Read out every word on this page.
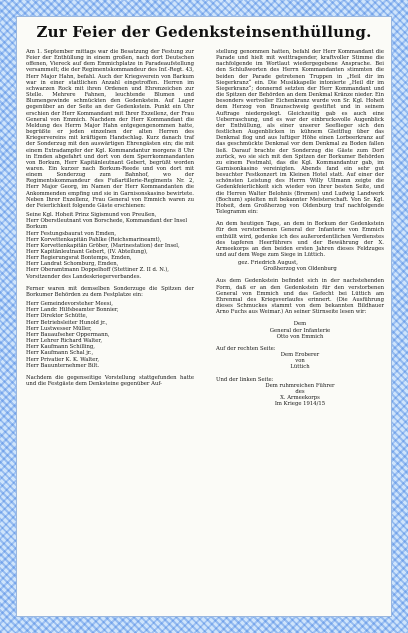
Zur Feier der Gedenksteinsenthüllung.

Am 1. September mittags war die Besatzung der Festung zur Feier der Enthüllung in einem großen, nach dort Deutschen offenen, Viereck auf dem Emmichplatze in Paradeaufstellung versammelt; die der Regimentskommandeur des Inf.-Regt. 43, Herr Major Hahn, befahl. Auch der Kriegsverein von Barkum war in einer stattlichen Anzahl eingetroffen. Herren im schwarzen Rock mit ihren Ordenen und Ehrenzeichen zur Stelle. Mehrere Fahnen, leuchtende Blumen und Blumengewinde schmückten den Gedenkstein. Auf Lager gegenüber an der Seite an der Gedenkstein. Punkt ein Uhr erschien der Herr Kommandant mit Ihrer Exzellenz, der Frau General von Emmich. Nachdem der Herr Kommandant die Meldung des Herrn Major Hahn entgegengenommen hatte, begrüßte er jeden einzelnen der alten Herren des Kriegervereins mit kräftigem Handschlag. Kurz danach traf der Sonderzug mit den auswärtigen Ehrengästen ein; die mit einem Extradampfer der Kgl. Kommandantur morgens 8 Uhr in Emden abgefahrt und dort von dem Sperrkommandanten von Borkum, Herr Kapitänleutnant Gebert, begrüßt worden waren. Ein kurzer nach Borkum-Reede und von dort mit einem Sonderzug zum Bahnhof, wo der Regimentskommandeur des Fußartillerie-Regiments Nr. 2, Herr Major Georg, im Namen der Herr Kommandanten die Ankommenden empfing und sie in Garnisonskasino bewirtete. Neben Ihrer Exzellenz, Frau General von Emmich waren zu der Feierlichkeit folgende Gäste erschienen:

Seine Kgl. Hoheit Prinz Sigismund von Preußen,
Herr Oberstleutnant von Borschede, Kommandant der Insel Borkum
Herr Festungsbaurat von Emden,
Herr Korvettenkapitän Pahlke (Reichsmarineamt),
Herr Korvettenkapitän Gröber, (Marinestation) der Insel,
Herr Kapitänleutnant Gebert, (IV. Abteilung),
Herr Regierungsrat Bontemps, Emden,
Herr Landrat Schomburg, Emden,
Herr Oberamtmann Doppelhoff (Stettiner Z. II d. N.),
Vorsitzender des Landeskriegerverbandes.

Ferner waren mit demselben Sonderzuge die Spitzen der Borkumer Behörden zu dem Festplatze ein:

Herr Gemeindevorsteher Meesi,
Herr Landr. Hilfsbeamter Bonnier,
Herr Direktor Schütte,
Herr Betriebsleiter Hunold jr.,
Herr Lustwesser Müller,
Herr Bauaufseher Oppermann,
Herr Lehrer Richard Walter,
Herr Kaufmann Schilling,
Herr Kaufmann Schal jr.,
Herr Privatier K. K. Walter,
Herr Bauunternehmer Bilt.

Nachdem die gegenseitige Vorstellung stattgefunden hatte und die Festgäste dem Denksteine gegenüber Auf-

stellung genommen hatten, befahl der Herr Kommandant die Parade und hielt mit weittragender, kraftvoller Stimme die nachfolgende im Wortlaut wiedergegebene Ansprache. Bei den Schlußworten des Herrn Kommandanten stimmten die beiden der Parade getretenen Truppen in „Heil dir im Siegerkranz“ ein. Die Musikkapelle intonierte „Heil dir im Siegerkranz“; donnernd setzten der Herr Kommandant und die Spitzen der Behörden an dem Denkmal Kränze nieder. Ein besonders wertvoller Eichenkranz wurde von Sr. Kgl. Hoheit dem Herzog von Braunschweig gestiftet und in seinem Auftrage niedergelegt. Gleichzeitig gab es auch eine Ueberraschung, und es war der einbrucksvolle Augenblick der Enthüllung, als einer unserer Seeflieger sich den festlichen Augenblicken in kühnem Gleitflug über das Denkmal flog und aus luftiger Höhe einen Lorbeerkranz auf das geschmückte Denkmal vor dem Denkmal zu Boden fallen ließ. Darauf brachte der Sonderzug die Gäste zum Dorf zurück, wo sie sich mit den Spitzen der Borkumer Behörden zu einem Festmahl, das die Kgl. Kommandantur gab, im Garnisonkasino vereinigten. Abends fand ein sehr gut besuchter Festkonzert im Kleinen Hotel statt. Auf einer der schönsten Leistung des Herrn Willy Ullmann zeigte die Gedenkfeierlichkeit sich wieder von ihrer besten Seite, und die Herren Walter Belohnis (Bremen) und Ludwig Landwerk (Bochum) spielten mit bekannter Meisterschaft. Von Sr. Kgl. Hoheit, dem Großherzog von Oldenburg traf nachfolgende Telegramm ein:

An dem heutigen Tage, an dem in Borkum der Gedenkstein für den verstorbenen General der Infanterie von Emmich enthüllt wird, gedenke ich des außerordentlichen Verdienstes des tapferen Heerführers und der Bewährung der X. Armeekorps an den beiden ersten Jahren dieses Feldzuges und auf dem Wege zum Siege in Lüttich.

gez. Friedrich August,
Großherzog von Oldenburg

Aus dem Gedenkstein befindet sich in der nachstehenden Form, daß er an den Gedenkstein für den verstorbenen General von Emmich und das Gefecht bei Lüttich am Ehrenmal des Kriegsverlaufes erinnert. (Die Ausführung dieses Schmuckes stammt von dem bekannten Bildhauer Arno Fuchs aus Weimar.) An seiner Stirnseite lesen wir:

Dem
General der Infanterie
Otto von Emmich
Auf der rechten Seite:
Dem Eroberer
von
Lüttich
Und der linken Seite:
Dem ruhmreichen Führer
des
X. Armeekorps
Im Kriege 1914/15
